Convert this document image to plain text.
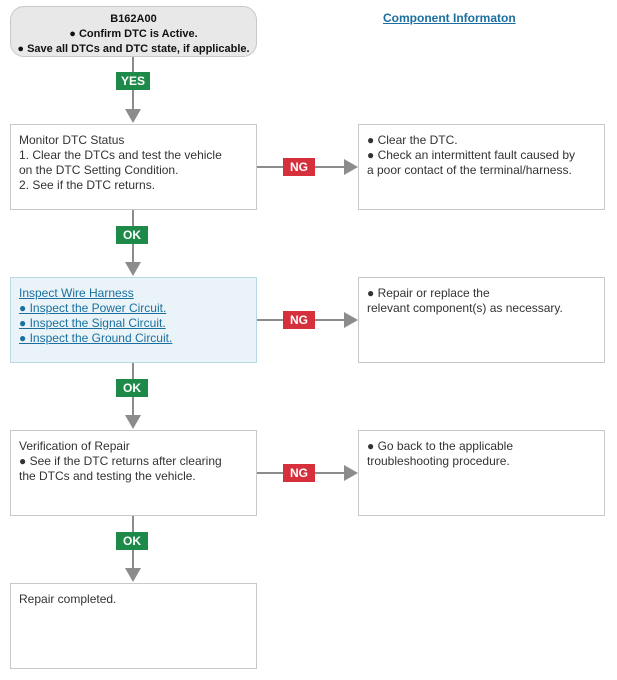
Component Informaton
B162A00
● Confirm DTC is Active.
● Save all DTCs and DTC state, if applicable.
YES
Monitor DTC Status
1. Clear the DTCs and test the vehicle
on the DTC Setting Condition.
2. See if the DTC returns.
NG
● Clear the DTC.
● Check an intermittent fault caused by
a poor contact of the terminal/harness.
OK
Inspect Wire Harness
● Inspect the Power Circuit.
● Inspect the Signal Circuit.
● Inspect the Ground Circuit.
NG
● Repair or replace the
relevant component(s) as necessary.
OK
Verification of Repair
● See if the DTC returns after clearing
the DTCs and testing the vehicle.	NG
● Go back to the applicable
troubleshooting procedure.
OK
Repair completed.
